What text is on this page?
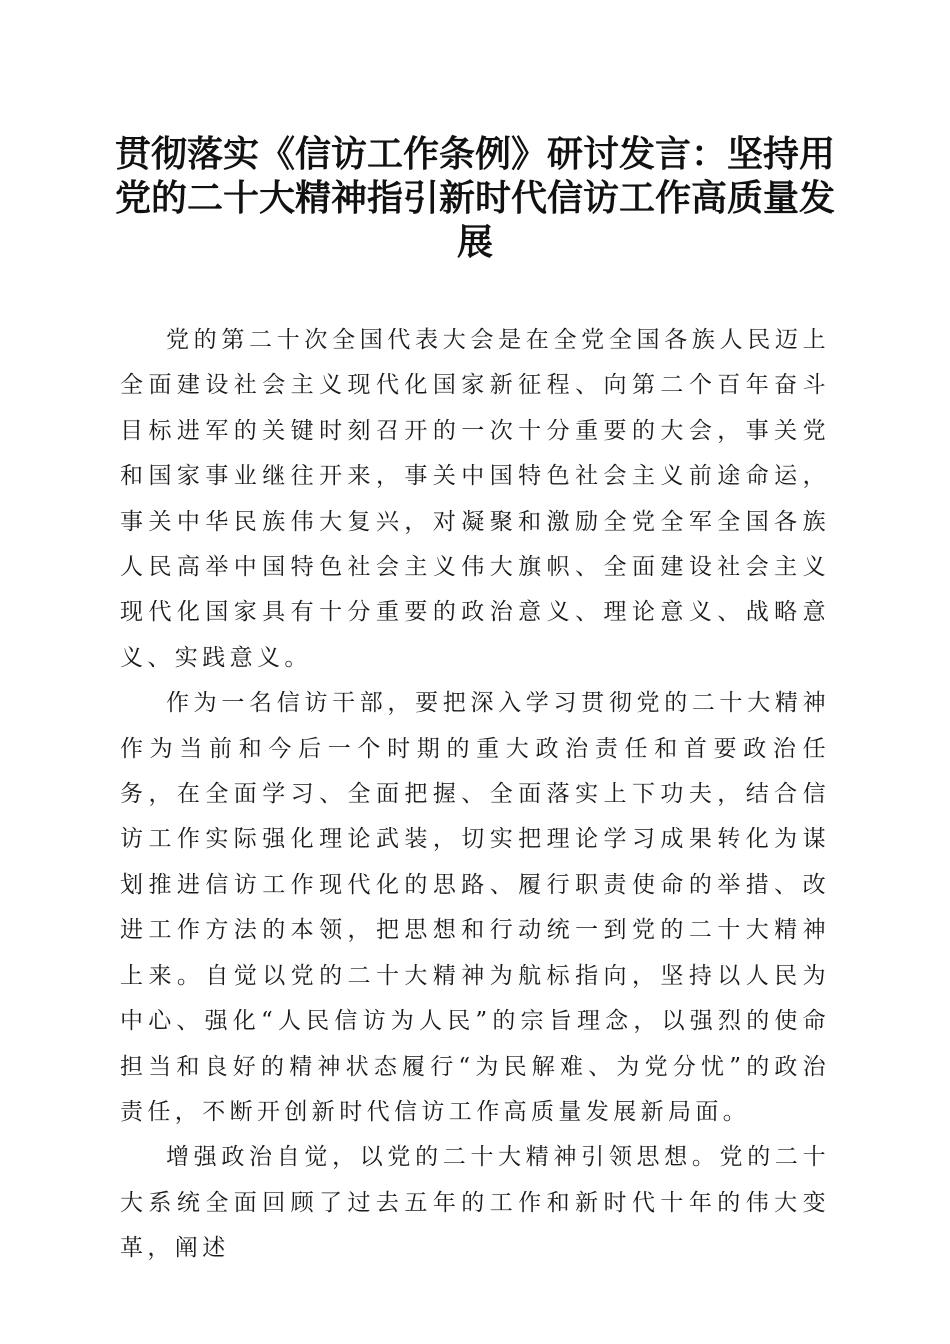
贯彻落实《信访工作条例》研讨发言：坚持用党的二十大精神指引新时代信访工作高质量发展

党的第二十次全国代表大会是在全党全国各族人民迈上全面建设社会主义现代化国家新征程、向第二个百年奋斗目标进军的关键时刻召开的一次十分重要的大会，事关党和国家事业继往开来，事关中国特色社会主义前途命运，事关中华民族伟大复兴，对凝聚和激励全党全军全国各族人民高举中国特色社会主义伟大旗帜、全面建设社会主义现代化国家具有十分重要的政治意义、理论意义、战略意义、实践意义。

作为一名信访干部，要把深入学习贯彻党的二十大精神作为当前和今后一个时期的重大政治责任和首要政治任务，在全面学习、全面把握、全面落实上下功夫，结合信访工作实际强化理论武装，切实把理论学习成果转化为谋划推进信访工作现代化的思路、履行职责使命的举措、改进工作方法的本领，把思想和行动统一到党的二十大精神上来。自觉以党的二十大精神为航标指向，坚持以人民为中心、强化“人民信访为人民”的宗旨理念，以强烈的使命担当和良好的精神状态履行“为民解难、为党分忧”的政治责任，不断开创新时代信访工作高质量发展新局面。

增强政治自觉，以党的二十大精神引领思想。党的二十大系统全面回顾了过去五年的工作和新时代十年的伟大变革，阐述
